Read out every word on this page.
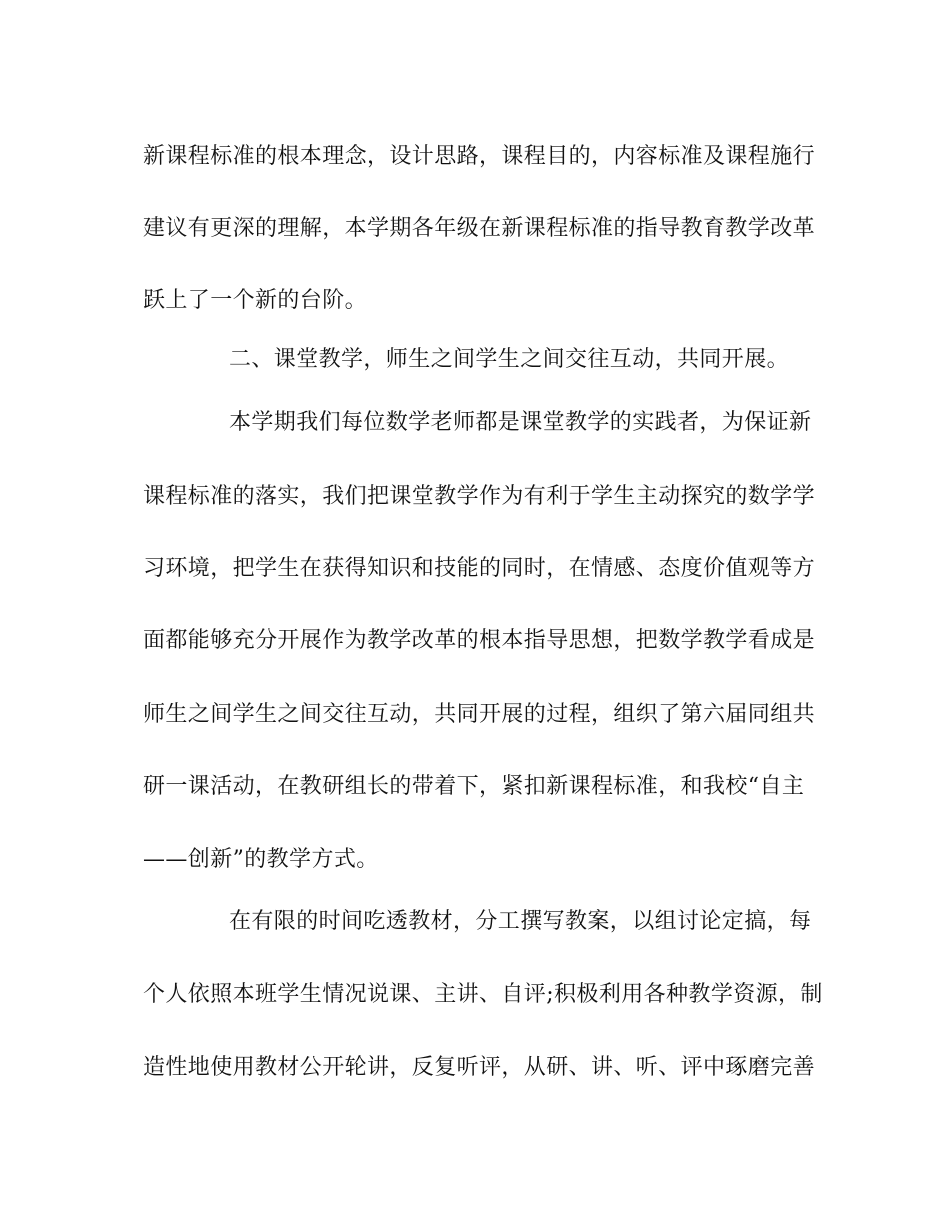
新课程标准的根本理念，设计思路，课程目的，内容标准及课程施行
建议有更深的理解，本学期各年级在新课程标准的指导教育教学改革
跃上了一个新的台阶。
二、课堂教学，师生之间学生之间交往互动，共同开展。
本学期我们每位数学老师都是课堂教学的实践者，为保证新
课程标准的落实，我们把课堂教学作为有利于学生主动探究的数学学
习环境，把学生在获得知识和技能的同时，在情感、态度价值观等方
面都能够充分开展作为教学改革的根本指导思想，把数学教学看成是
师生之间学生之间交往互动，共同开展的过程，组织了第六届同组共
研一课活动，在教研组长的带着下，紧扣新课程标准，和我校“自主
——创新”的教学方式。
在有限的时间吃透教材，分工撰写教案，以组讨论定搞，每
个人依照本班学生情况说课、主讲、自评;积极利用各种教学资源，制
造性地使用教材公开轮讲，反复听评，从研、讲、听、评中琢磨完善
